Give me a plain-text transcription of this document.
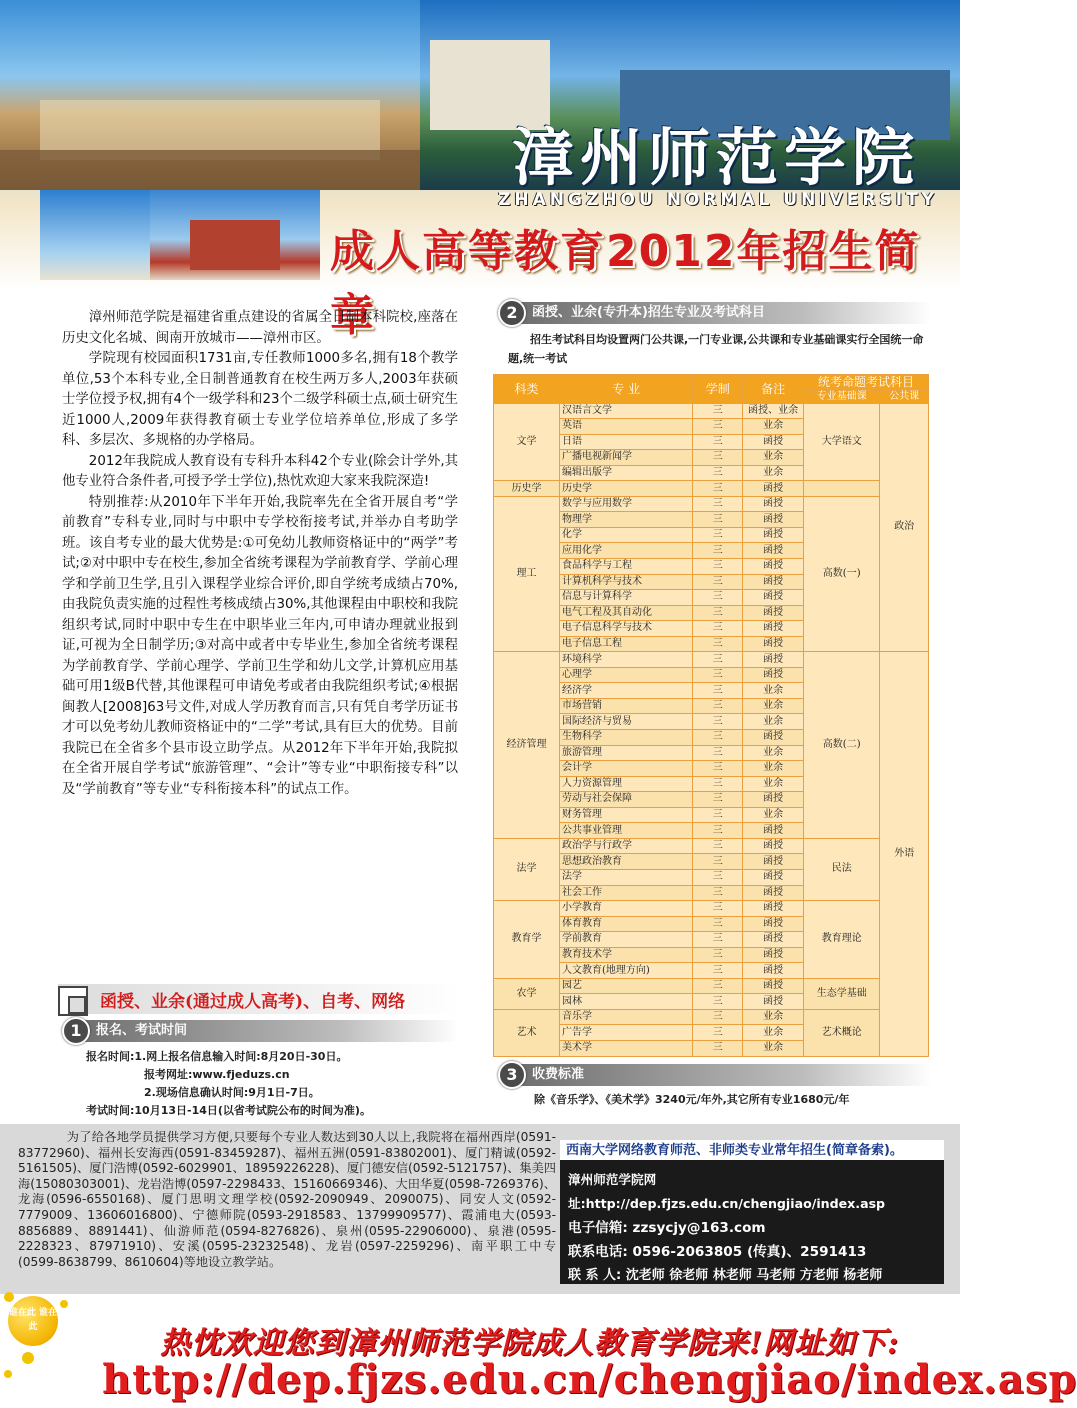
漳州师范学院
ZHANGZHOU NORMAL UNIVERSITY
成人高等教育2012年招生简章

漳州师范学院是福建省重点建设的省属全日制本科院校,座落在历史文化名城、闽南开放城市——漳州市区。

学院现有校园面积1731亩,专任教师1000多名,拥有18个教学单位,53个本科专业,全日制普通教育在校生两万多人,2003年获硕士学位授予权,拥有4个一级学科和23个二级学科硕士点,硕士研究生近1000人,2009年获得教育硕士专业学位培养单位,形成了多学科、多层次、多规格的办学格局。

2012年我院成人教育设有专科升本科42个专业(除会计学外,其他专业符合条件者,可授予学士学位),热忱欢迎大家来我院深造!

特别推荐:从2010年下半年开始,我院率先在全省开展自考“学前教育”专科专业,同时与中职中专学校衔接考试,并举办自考助学班。该自考专业的最大优势是:①可免幼儿教师资格证中的“两学”考试;②对中职中专在校生,参加全省统考课程为学前教育学、学前心理学和学前卫生学,且引入课程学业综合评价,即自学统考成绩占70%,由我院负责实施的过程性考核成绩占30%,其他课程由中职校和我院组织考试,同时中职中专生在中职毕业三年内,可申请办理就业报到证,可视为全日制学历;③对高中或者中专毕业生,参加全省统考课程为学前教育学、学前心理学、学前卫生学和幼儿文学,计算机应用基础可用1级B代替,其他课程可申请免考或者由我院组织考试;④根据闽教人[2008]63号文件,对成人学历教育而言,只有凭自考学历证书才可以免考幼儿教师资格证中的“二学”考试,具有巨大的优势。目前我院已在全省多个县市设立助学点。从2012年下半年开始,我院拟在全省开展自学考试“旅游管理”、“会计”等专业“中职衔接专科”以及“学前教育”等专业“专科衔接本科”的试点工作。

2	函授、业余(专升本)招生专业及考试科目
招生考试科目均设置两门公共课,一门专业课,公共课和专业基础课实行全国统一命题,统一考试
科类	专 业	学制	备注	统考命题考试科目	
				专业基础课	公共课
文学	汉语言文学	三	函授、业余	大学语文	政治
	英语	三	业余		
	日语	三	函授		
	广播电视新闻学	三	业余		
	编辑出版学	三	业余		
历史学	历史学	三	函授		
理工	数学与应用数学	三	函授	高数(一)	
	物理学	三	函授		
	化学	三	函授		
	应用化学	三	函授		
	食品科学与工程	三	函授		
	计算机科学与技术	三	函授		
	信息与计算科学	三	函授		
	电气工程及其自动化	三	函授		
	电子信息科学与技术	三	函授		
	电子信息工程	三	函授		
经济管理	环境科学	三	函授	高数(二)	外语
	心理学	三	函授		
	经济学	三	业余		
	市场营销	三	业余		
	国际经济与贸易	三	业余		
	生物科学	三	函授		
	旅游管理	三	业余		
	会计学	三	业余		
	人力资源管理	三	业余		
	劳动与社会保障	三	函授		
	财务管理	三	业余		
	公共事业管理	三	函授		
法学	政治学与行政学	三	函授	民法	
	思想政治教育	三	函授		
	法学	三	函授		
	社会工作	三	函授		
教育学	小学教育	三	函授	教育理论	
	体育教育	三	函授		
	学前教育	三	函授		
	教育技术学	三	函授		
	人文教育(地理方向)	三	函授		
农学	园艺	三	函授	生态学基础	
	园林	三	函授		
艺术	音乐学	三	业余	艺术概论	
	广告学	三	业余		
	美术学	三	业余		
3	收费标准
除《音乐学》、《美术学》3240元/年外,其它所有专业1680元/年
函授、业余(通过成人高考)、自考、网络
1	报名、考试时间
报名时间:1.网上报名信息输入时间:8月20日-30日。
报考网址:www.fjeduzs.cn
2.现场信息确认时间:9月1日-7日。
考试时间:10月13日-14日(以省考试院公布的时间为准)。

为了给各地学员提供学习方便,只要每个专业人数达到30人以上,我院将在福州西岸(0591-83772960)、福州长安海西(0591-83459287)、福州五洲(0591-83802001)、厦门精诚(0592-5161505)、厦门浩博(0592-6029901、18959226228)、厦门德安信(0592-5121757)、集美四海(15080303001)、龙岩浩博(0597-2298433、15160669346)、大田华夏(0598-7269376)、龙海(0596-6550168)、厦门思明文理学校(0592-2090949、2090075)、同安人文(0592-7779009、13606016800)、宁德师院(0593-2918583、13799909577)、霞浦电大(0593-8856889、8891441)、仙游师范(0594-8276826)、泉州(0595-22906000)、泉港(0595-2228323、87971910)、安溪(0595-23232548)、龙岩(0597-2259296)、南平职工中专(0599-8638799、8610604)等地设立教学站。

西南大学网络教育师范、非师类专业常年招生(简章备索)。
漳州师范学院网址:http://dep.fjzs.edu.cn/chengjiao/index.asp
电子信箱: zzsycjy@163.com
联系电话: 0596-2063805 (传真)、2591413
联 系 人: 沈老师 徐老师 林老师 马老师 方老师 杨老师
谁在此 谁在此	热忱欢迎您到漳州师范学院成人教育学院来!网址如下:
http://dep.fjzs.edu.cn/chengjiao/index.asp
